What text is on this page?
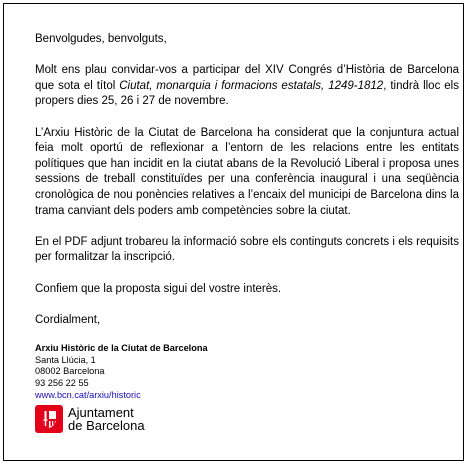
Benvolgudes, benvolguts,

Molt ens plau convidar-vos a participar del XIV Congrés d’Història de Barcelona que sota el títol Ciutat, monarquia i formacions estatals, 1249-1812, tindrà lloc els propers dies 25, 26 i 27 de novembre.

L’Arxiu Històric de la Ciutat de Barcelona ha considerat que la conjuntura actual feia molt oportú de reflexionar a l’entorn de les relacions entre les entitats polítiques que han incidit en la ciutat abans de la Revolució Liberal i proposa unes sessions de treball constituïdes per una conferència inaugural i una seqüència cronològica de nou ponències relatives a l’encaix del municipi de Barcelona dins la trama canviant dels poders amb competències sobre la ciutat.

En el PDF adjunt trobareu la informació sobre els continguts concrets i els requisits per formalitzar la inscripció.

Confiem que la proposta sigui del vostre interès.

Cordialment,

Arxiu Històric de la Ciutat de Barcelona
Santa Llúcia, 1
08002 Barcelona
93 256 22 55
www.bcn.cat/arxiu/historic
Ajuntament
de Barcelona
